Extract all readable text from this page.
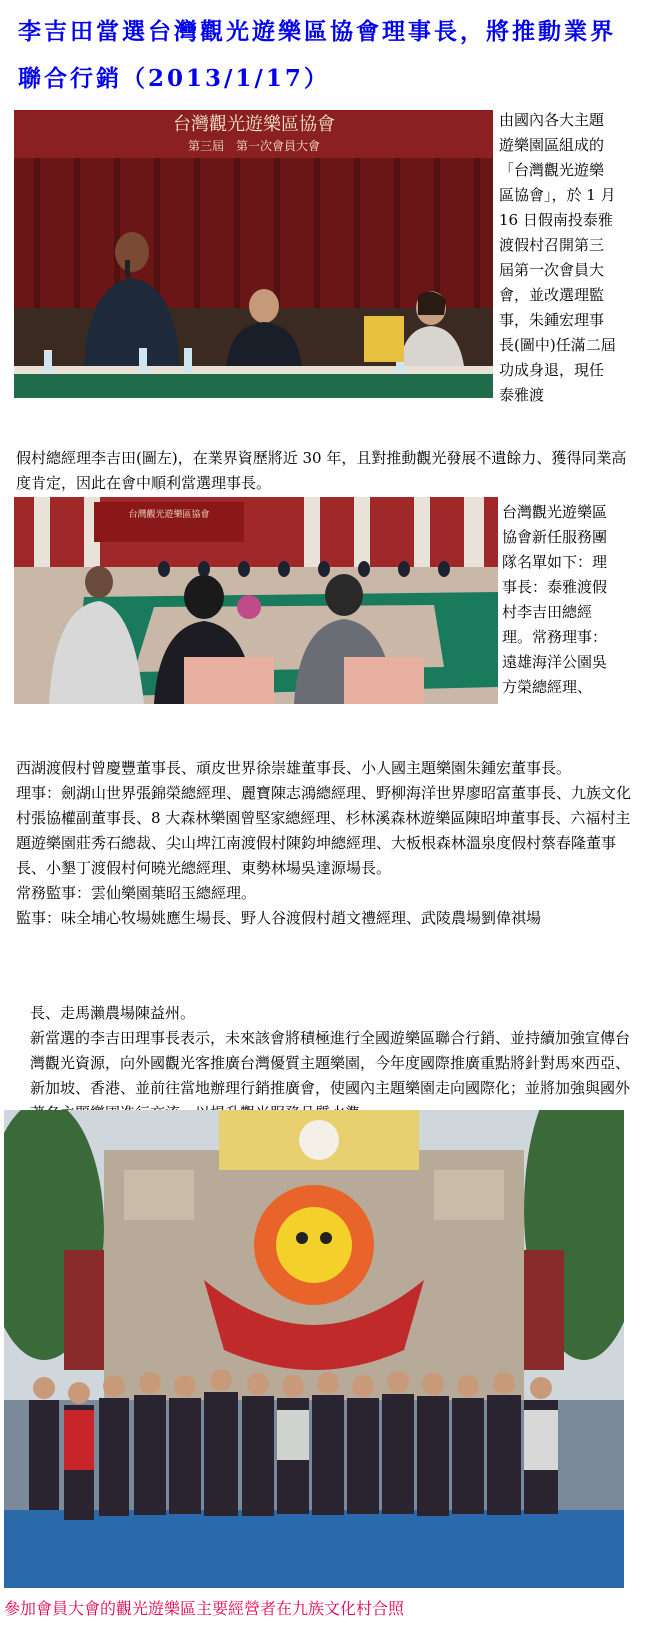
李吉田當選台灣觀光遊樂區協會理事長，將推動業界聯合行銷（2013/1/17）
台灣觀光遊樂區協會
第三屆　第一次會員大會

由國內各大主題遊樂園區組成的「台灣觀光遊樂區協會」，於 1 月 16 日假南投泰雅渡假村召開第三屆第一次會員大會，並改選理監事，朱鍾宏理事長(圖中)任滿二屆功成身退，現任泰雅渡

假村總經理李吉田(圖左)，在業界資歷將近 30 年，且對推動觀光發展不遺餘力、獲得同業高度肯定，因此在會中順利當選理事長。

台灣觀光遊樂區協會	台灣觀光遊樂區協會新任服務團隊名單如下：理事長：泰雅渡假村李吉田總經理。常務理事：遠雄海洋公園吳方榮總經理、

西湖渡假村曾慶豐董事長、頑皮世界徐崇雄董事長、小人國主題樂園朱鍾宏董事長。

理事：劍湖山世界張錦榮總經理、麗寶陳志鴻總經理、野柳海洋世界廖昭富董事長、九族文化村張協權副董事長、8 大森林樂園曾堅家總經理、杉林溪森林遊樂區陳昭坤董事長、六福村主題遊樂園莊秀石總裁、尖山埤江南渡假村陳鈞坤總經理、大板根森林溫泉度假村蔡春隆董事長、小墾丁渡假村何曉光總經理、東勢林場吳達源場長。

常務監事：雲仙樂園葉昭玉總經理。

監事：味全埔心牧場姚應生場長、野人谷渡假村趙文禮經理、武陵農場劉偉祺場

長、走馬瀨農場陳益州。

新當選的李吉田理事長表示，未來該會將積極進行全國遊樂區聯合行銷、並持續加強宣傳台灣觀光資源，向外國觀光客推廣台灣優質主題樂園，今年度國際推廣重點將針對馬來西亞、新加坡、香港、並前往當地辦理行銷推廣會，使國內主題樂園走向國際化；並將加強與國外

參加會員大會的觀光遊樂區主要經營者在九族文化村合照
